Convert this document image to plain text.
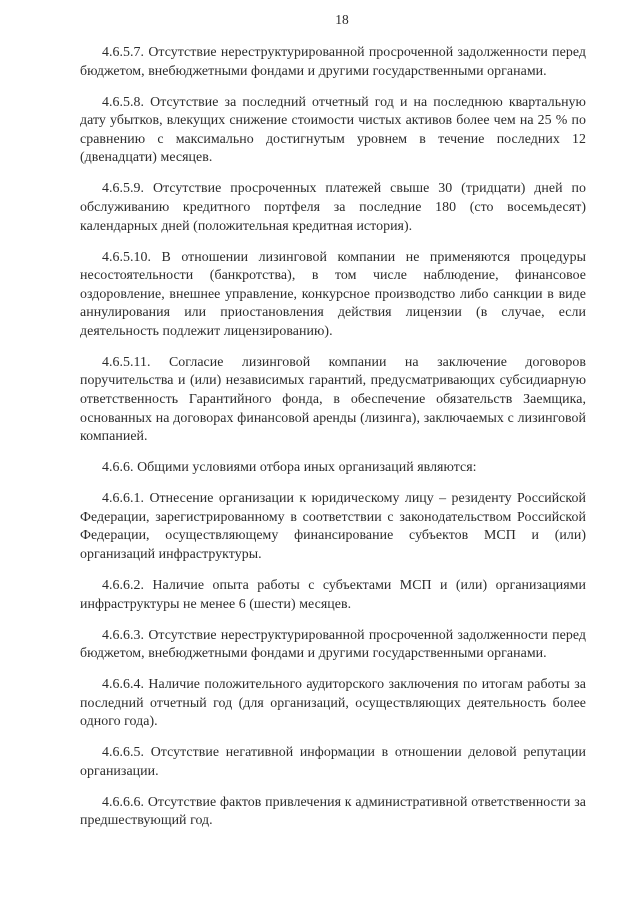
18

4.6.5.7. Отсутствие нереструктурированной просроченной задолженности перед бюджетом, внебюджетными фондами и другими государственными органами.

4.6.5.8. Отсутствие за последний отчетный год и на последнюю квартальную дату убытков, влекущих снижение стоимости чистых активов более чем на 25 % по сравнению с максимально достигнутым уровнем в течение последних 12 (двенадцати) месяцев.

4.6.5.9. Отсутствие просроченных платежей свыше 30 (тридцати) дней по обслуживанию кредитного портфеля за последние 180 (сто восемьдесят) календарных дней (положительная кредитная история).

4.6.5.10. В отношении лизинговой компании не применяются процедуры несостоятельности (банкротства), в том числе наблюдение, финансовое оздоровление, внешнее управление, конкурсное производство либо санкции в виде аннулирования или приостановления действия лицензии (в случае, если деятельность подлежит лицензированию).

4.6.5.11. Согласие лизинговой компании на заключение договоров поручительства и (или) независимых гарантий, предусматривающих субсидиарную ответственность Гарантийного фонда, в обеспечение обязательств Заемщика, основанных на договорах финансовой аренды (лизинга), заключаемых с лизинговой компанией.

4.6.6. Общими условиями отбора иных организаций являются:

4.6.6.1. Отнесение организации к юридическому лицу – резиденту Российской Федерации, зарегистрированному в соответствии с законодательством Российской Федерации, осуществляющему финансирование субъектов МСП и (или) организаций инфраструктуры.

4.6.6.2. Наличие опыта работы с субъектами МСП и (или) организациями инфраструктуры не менее 6 (шести) месяцев.

4.6.6.3. Отсутствие нереструктурированной просроченной задолженности перед бюджетом, внебюджетными фондами и другими государственными органами.

4.6.6.4. Наличие положительного аудиторского заключения по итогам работы за последний отчетный год (для организаций, осуществляющих деятельность более одного года).

4.6.6.5. Отсутствие негативной информации в отношении деловой репутации организации.

4.6.6.6. Отсутствие фактов привлечения к административной ответственности за предшествующий год.
